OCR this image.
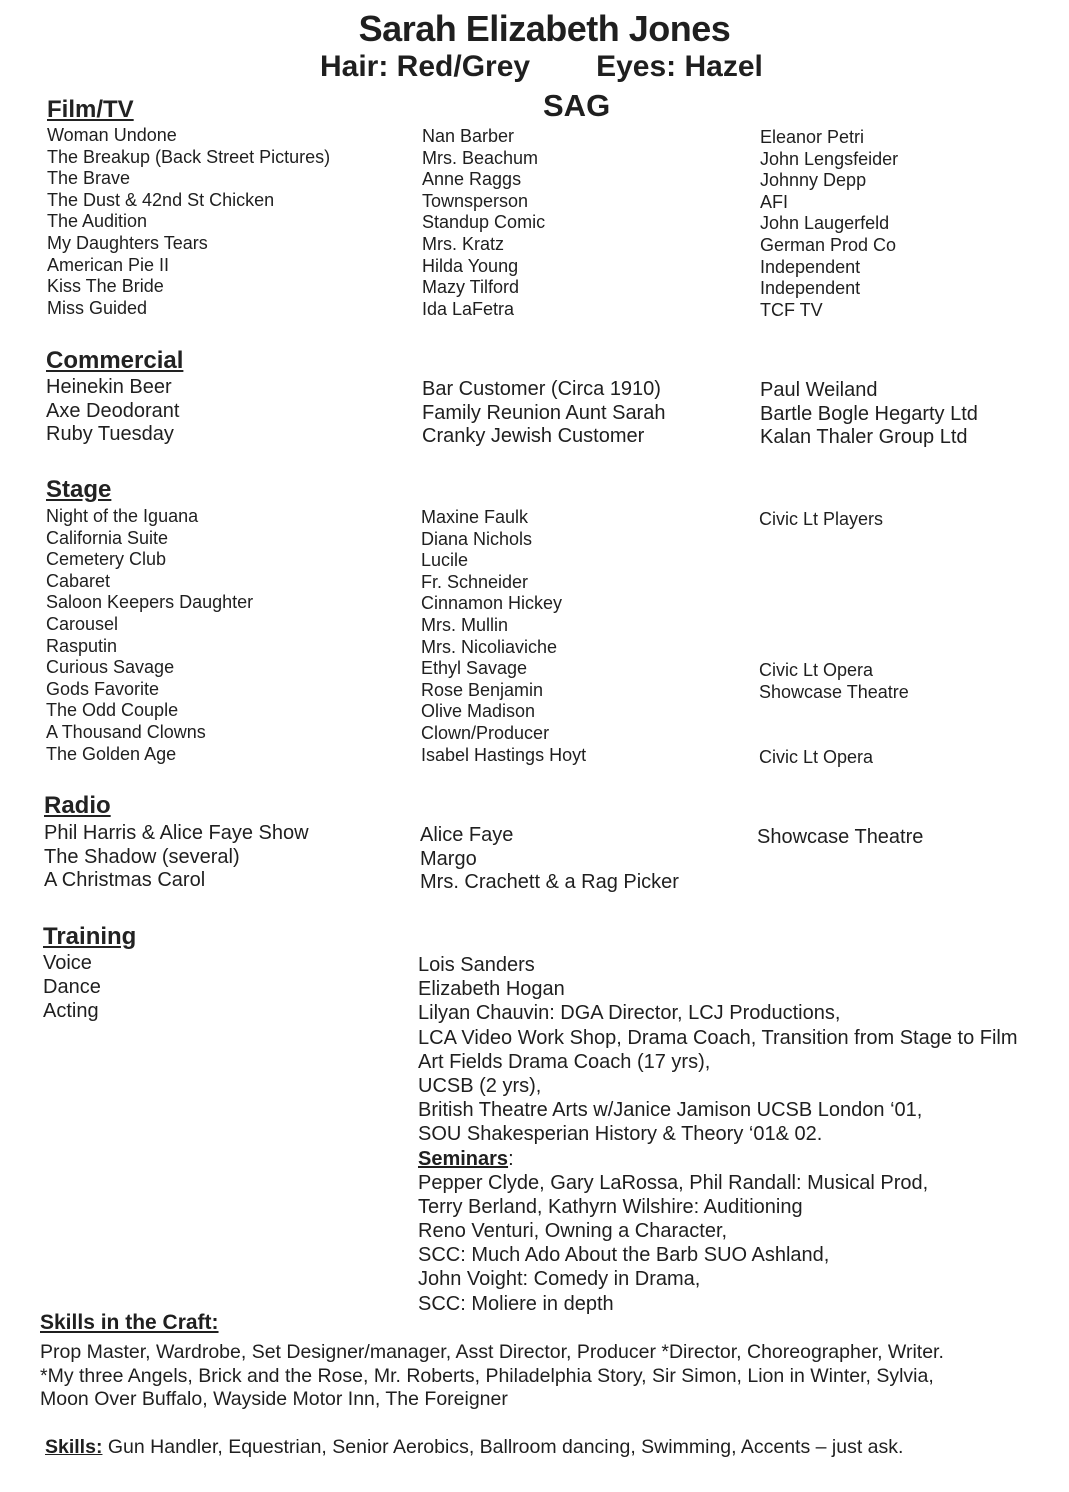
Sarah Elizabeth Jones
Hair: Red/Grey Eyes: Hazel
SAG
Film/TV
Woman Undone
The Breakup (Back Street Pictures)
The Brave
The Dust & 42nd St Chicken
The Audition
My Daughters Tears
American Pie II
Kiss The Bride
Miss Guided
Nan Barber
Mrs. Beachum
Anne Raggs
Townsperson
Standup Comic
Mrs. Kratz
Hilda Young
Mazy Tilford
Ida LaFetra
Eleanor Petri
John Lengsfeider
Johnny Depp
AFI
John Laugerfeld
German Prod Co
Independent
Independent
TCF TV
Commercial
Heinekin Beer
Axe Deodorant
Ruby Tuesday
Bar Customer (Circa 1910)
Family Reunion Aunt Sarah
Cranky Jewish Customer
Paul Weiland
Bartle Bogle Hegarty Ltd
Kalan Thaler Group Ltd
Stage
Night of the Iguana
California Suite
Cemetery Club
Cabaret
Saloon Keepers Daughter
Carousel
Rasputin
Curious Savage
Gods Favorite
The Odd Couple
A Thousand Clowns
The Golden Age
Maxine Faulk
Diana Nichols
Lucile
Fr. Schneider
Cinnamon Hickey
Mrs. Mullin
Mrs. Nicoliaviche
Ethyl Savage
Rose Benjamin
Olive Madison
Clown/Producer
Isabel Hastings Hoyt
Civic Lt Players
Civic Lt Opera
Showcase Theatre
Civic Lt Opera
Radio
Phil Harris & Alice Faye Show
The Shadow (several)
A Christmas Carol
Alice Faye
Margo
Mrs. Crachett & a Rag Picker
Showcase Theatre
Training
Voice
Dance
Acting
Lois Sanders
Elizabeth Hogan
Lilyan Chauvin: DGA Director, LCJ Productions,
LCA Video Work Shop, Drama Coach, Transition from Stage to Film
Art Fields Drama Coach (17 yrs),
UCSB (2 yrs),
British Theatre Arts w/Janice Jamison UCSB London ‘01,
SOU Shakesperian History & Theory ‘01& 02.
Seminars:
Pepper Clyde, Gary LaRossa, Phil Randall: Musical Prod,
Terry Berland, Kathyrn Wilshire: Auditioning
Reno Venturi, Owning a Character,
SCC: Much Ado About the Barb SUO Ashland,
John Voight: Comedy in Drama,
SCC: Moliere in depth
Skills in the Craft:
Prop Master, Wardrobe, Set Designer/manager, Asst Director, Producer *Director, Choreographer, Writer.
*My three Angels, Brick and the Rose, Mr. Roberts, Philadelphia Story, Sir Simon, Lion in Winter, Sylvia,
Moon Over Buffalo, Wayside Motor Inn, The Foreigner
Skills: Gun Handler, Equestrian, Senior Aerobics, Ballroom dancing, Swimming, Accents – just ask.
